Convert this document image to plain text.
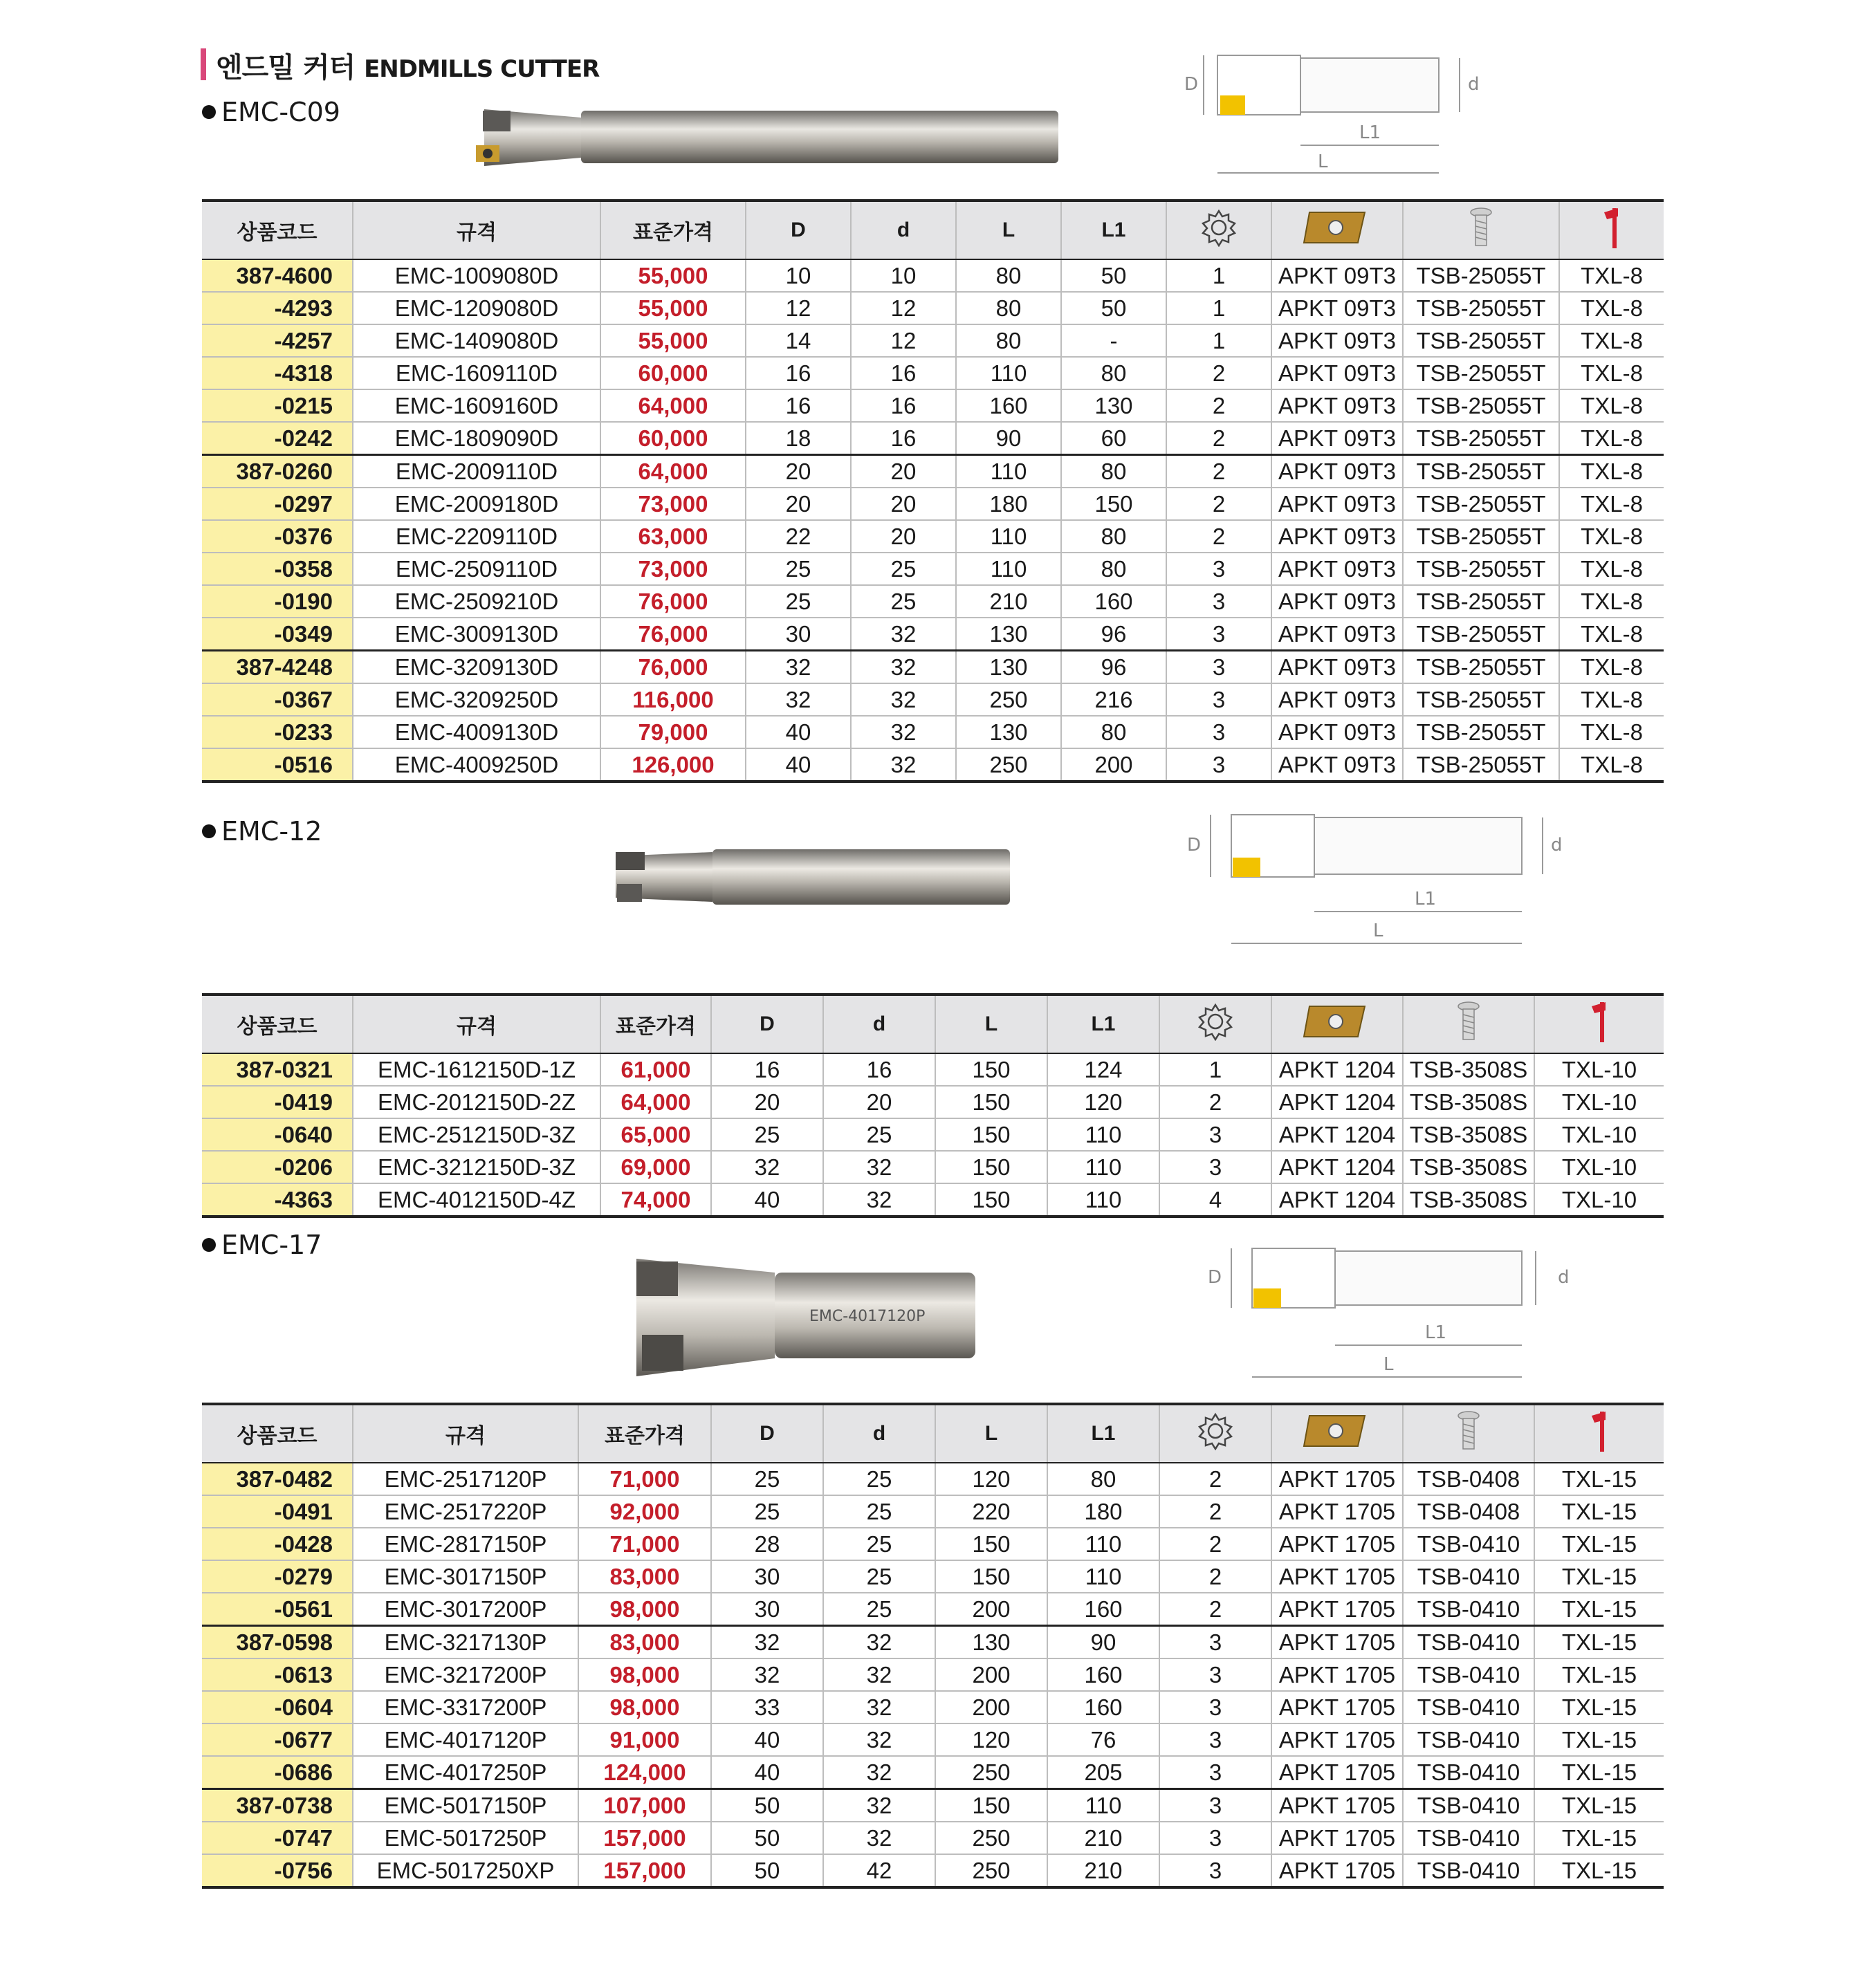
엔드밀 커터 ENDMILLS CUTTER
EMC-C09
EMC-12
EMC-17
EMC-4017120P
D	d
L1
L
D	d
L1
L
D	d
L1
L
상품코드	규격	표준가격	D	d	L	L1				
387-4600	EMC-1009080D	55,000	10	10	80	50	1	APKT 09T3	TSB-25055T	TXL-8
-4293	EMC-1209080D	55,000	12	12	80	50	1	APKT 09T3	TSB-25055T	TXL-8
-4257	EMC-1409080D	55,000	14	12	80	-	1	APKT 09T3	TSB-25055T	TXL-8
-4318	EMC-1609110D	60,000	16	16	110	80	2	APKT 09T3	TSB-25055T	TXL-8
-0215	EMC-1609160D	64,000	16	16	160	130	2	APKT 09T3	TSB-25055T	TXL-8
-0242	EMC-1809090D	60,000	18	16	90	60	2	APKT 09T3	TSB-25055T	TXL-8
387-0260	EMC-2009110D	64,000	20	20	110	80	2	APKT 09T3	TSB-25055T	TXL-8
-0297	EMC-2009180D	73,000	20	20	180	150	2	APKT 09T3	TSB-25055T	TXL-8
-0376	EMC-2209110D	63,000	22	20	110	80	2	APKT 09T3	TSB-25055T	TXL-8
-0358	EMC-2509110D	73,000	25	25	110	80	3	APKT 09T3	TSB-25055T	TXL-8
-0190	EMC-2509210D	76,000	25	25	210	160	3	APKT 09T3	TSB-25055T	TXL-8
-0349	EMC-3009130D	76,000	30	32	130	96	3	APKT 09T3	TSB-25055T	TXL-8
387-4248	EMC-3209130D	76,000	32	32	130	96	3	APKT 09T3	TSB-25055T	TXL-8
-0367	EMC-3209250D	116,000	32	32	250	216	3	APKT 09T3	TSB-25055T	TXL-8
-0233	EMC-4009130D	79,000	40	32	130	80	3	APKT 09T3	TSB-25055T	TXL-8
-0516	EMC-4009250D	126,000	40	32	250	200	3	APKT 09T3	TSB-25055T	TXL-8
상품코드	규격	표준가격	D	d	L	L1				
387-0321	EMC-1612150D-1Z	61,000	16	16	150	124	1	APKT 1204	TSB-3508S	TXL-10
-0419	EMC-2012150D-2Z	64,000	20	20	150	120	2	APKT 1204	TSB-3508S	TXL-10
-0640	EMC-2512150D-3Z	65,000	25	25	150	110	3	APKT 1204	TSB-3508S	TXL-10
-0206	EMC-3212150D-3Z	69,000	32	32	150	110	3	APKT 1204	TSB-3508S	TXL-10
-4363	EMC-4012150D-4Z	74,000	40	32	150	110	4	APKT 1204	TSB-3508S	TXL-10
상품코드	규격	표준가격	D	d	L	L1				
387-0482	EMC-2517120P	71,000	25	25	120	80	2	APKT 1705	TSB-0408	TXL-15
-0491	EMC-2517220P	92,000	25	25	220	180	2	APKT 1705	TSB-0408	TXL-15
-0428	EMC-2817150P	71,000	28	25	150	110	2	APKT 1705	TSB-0410	TXL-15
-0279	EMC-3017150P	83,000	30	25	150	110	2	APKT 1705	TSB-0410	TXL-15
-0561	EMC-3017200P	98,000	30	25	200	160	2	APKT 1705	TSB-0410	TXL-15
387-0598	EMC-3217130P	83,000	32	32	130	90	3	APKT 1705	TSB-0410	TXL-15
-0613	EMC-3217200P	98,000	32	32	200	160	3	APKT 1705	TSB-0410	TXL-15
-0604	EMC-3317200P	98,000	33	32	200	160	3	APKT 1705	TSB-0410	TXL-15
-0677	EMC-4017120P	91,000	40	32	120	76	3	APKT 1705	TSB-0410	TXL-15
-0686	EMC-4017250P	124,000	40	32	250	205	3	APKT 1705	TSB-0410	TXL-15
387-0738	EMC-5017150P	107,000	50	32	150	110	3	APKT 1705	TSB-0410	TXL-15
-0747	EMC-5017250P	157,000	50	32	250	210	3	APKT 1705	TSB-0410	TXL-15
-0756	EMC-5017250XP	157,000	50	42	250	210	3	APKT 1705	TSB-0410	TXL-15
